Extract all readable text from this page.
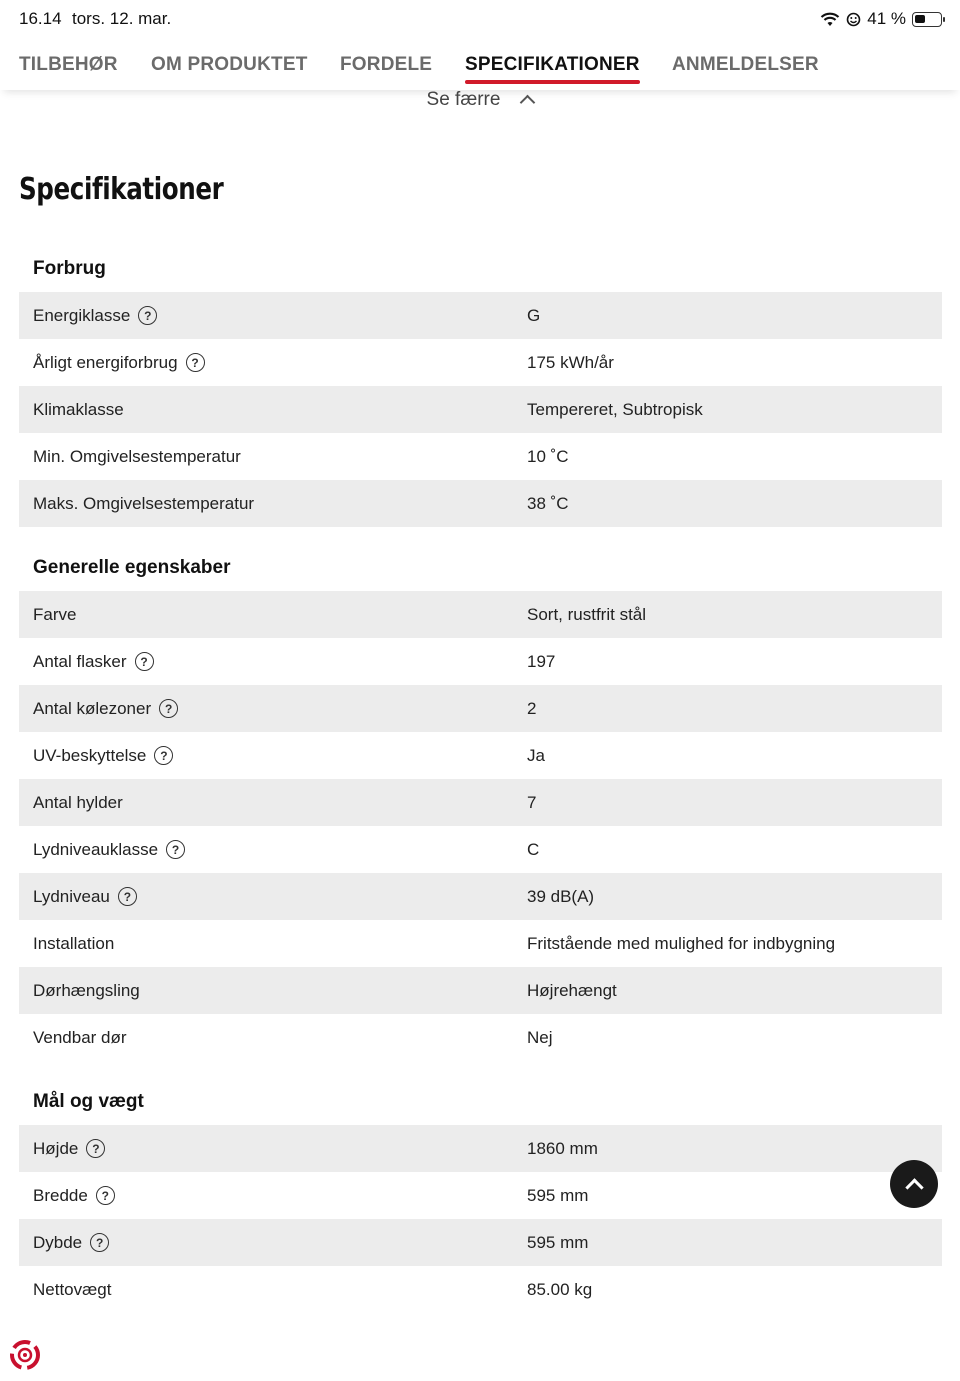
16.14 tors. 12. mar.	41 %
TILBEHØR OM PRODUKTET FORDELE SPECIFIKATIONER ANMELDELSER
Se færre
Specifikationer
Forbrug
Energiklasse	?	G
Årligt energiforbrug	?	175 kWh/år
Klimaklasse	Tempereret, Subtropisk
Min. Omgivelsestemperatur	10 ˚C
Maks. Omgivelsestemperatur	38 ˚C
Generelle egenskaber
Farve	Sort, rustfrit stål
Antal flasker	?	197
Antal kølezoner	?	2
UV-beskyttelse	?	Ja
Antal hylder	7
Lydniveauklasse	?	C
Lydniveau	?	39 dB(A)
Installation	Fritstående med mulighed for indbygning
Dørhængsling	Højrehængt
Vendbar dør	Nej
Mål og vægt
Højde	?	1860 mm
Bredde	?	595 mm
Dybde	?	595 mm
Nettovægt	85.00 kg
